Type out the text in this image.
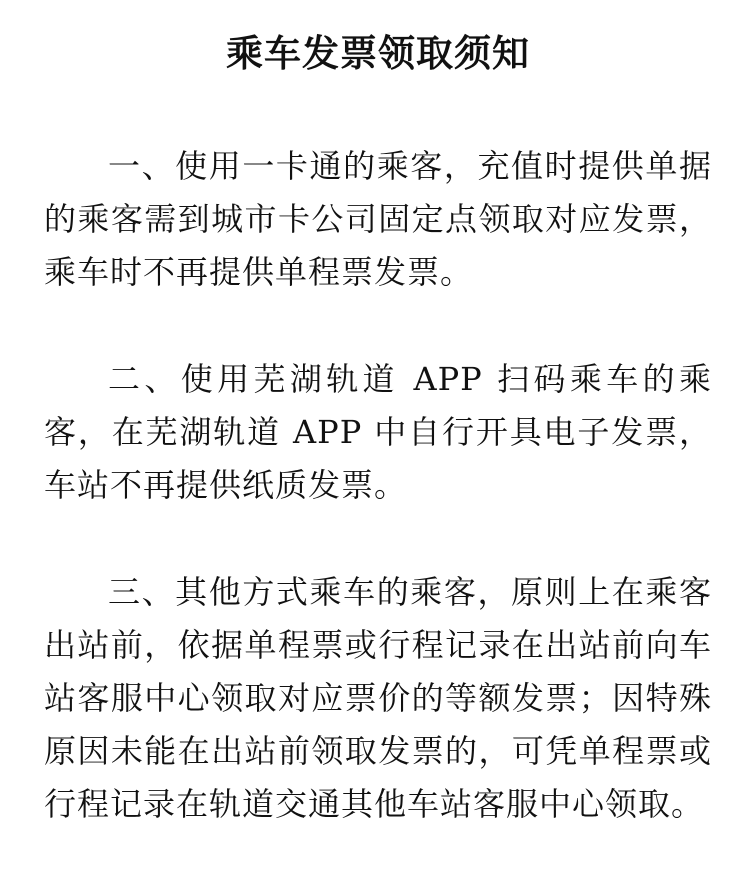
乘车发票领取须知

一、使用一卡通的乘客，充值时提供单据的乘客需到城市卡公司固定点领取对应发票，乘车时不再提供单程票发票。

二、使用芜湖轨道 APP 扫码乘车的乘客，在芜湖轨道 APP 中自行开具电子发票，车站不再提供纸质发票。

三、其他方式乘车的乘客，原则上在乘客出站前，依据单程票或行程记录在出站前向车站客服中心领取对应票价的等额发票；因特殊原因未能在出站前领取发票的，可凭单程票或行程记录在轨道交通其他车站客服中心领取。
